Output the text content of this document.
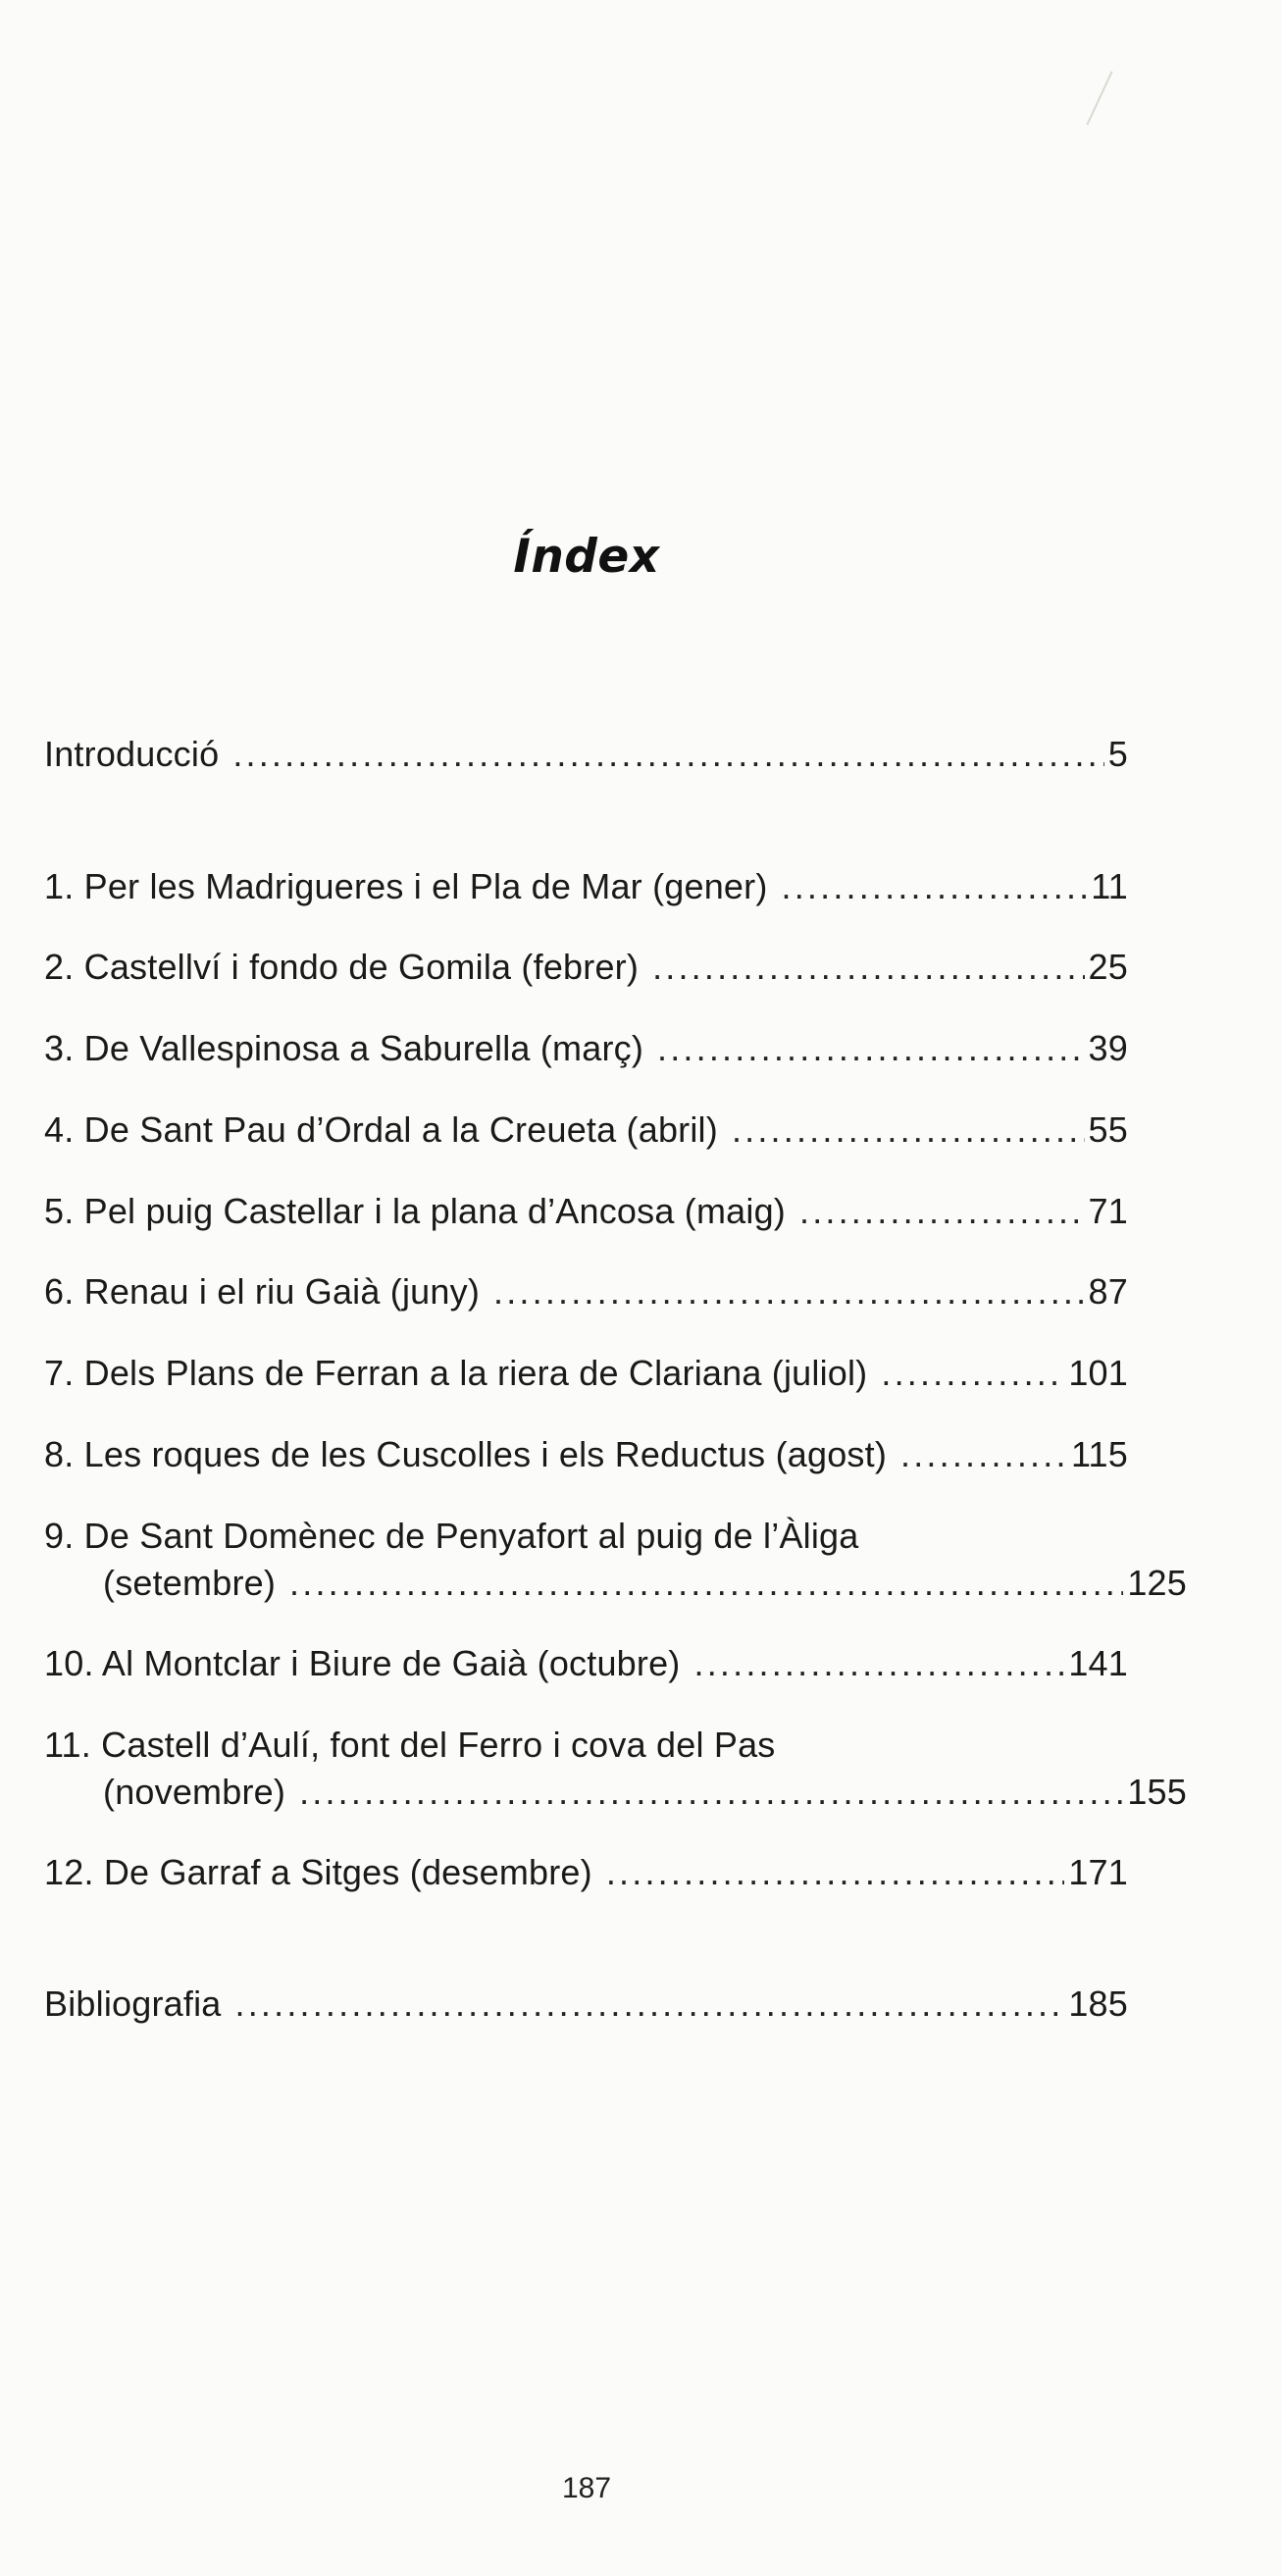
Índex
Introducció .....	5
1. Per les Madrigueres i el Pla de Mar (gener) .....	11
2. Castellví i fondo de Gomila (febrer) .....	25
3. De Vallespinosa a Saburella (març) .....	39
4. De Sant Pau d’Ordal a la Creueta (abril) .....	55
5. Pel puig Castellar i la plana d’Ancosa (maig) .....	71
6. Renau i el riu Gaià (juny) .....	87
7. Dels Plans de Ferran a la riera de Clariana (juliol) .....	101
8. Les roques de les Cuscolles i els Reductus (agost) .....	115
9. De Sant Domènec de Penyafort al puig de l’Àliga
(setembre) .....	125
10. Al Montclar i Biure de Gaià (octubre) .....	141
11. Castell d’Aulí, font del Ferro i cova del Pas
(novembre) .....	155
12. De Garraf a Sitges (desembre) .....	171
Bibliografia .....	185
187
